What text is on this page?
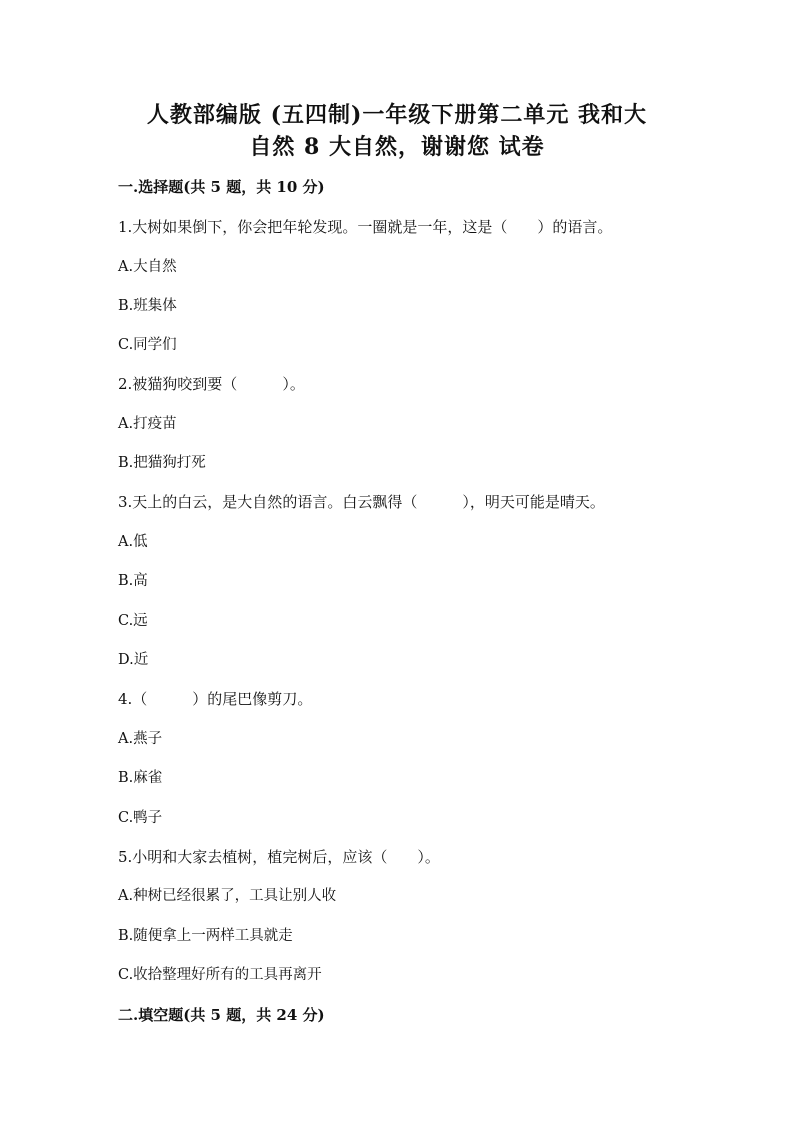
人教部编版 (五四制)一年级下册第二单元 我和大
自然 8 大自然，谢谢您 试卷
一.选择题(共 5 题，共 10 分)
1.大树如果倒下，你会把年轮发现。一圈就是一年，这是（　　）的语言。
A.大自然
B.班集体
C.同学们
2.被猫狗咬到要（　　　）。
A.打疫苗
B.把猫狗打死
3.天上的白云，是大自然的语言。白云飘得（　　　），明天可能是晴天。
A.低
B.高
C.远
D.近
4.（　　　）的尾巴像剪刀。
A.燕子
B.麻雀
C.鸭子
5.小明和大家去植树，植完树后，应该（　　）。
A.种树已经很累了，工具让别人收
B.随便拿上一两样工具就走
C.收拾整理好所有的工具再离开
二.填空题(共 5 题，共 24 分)
